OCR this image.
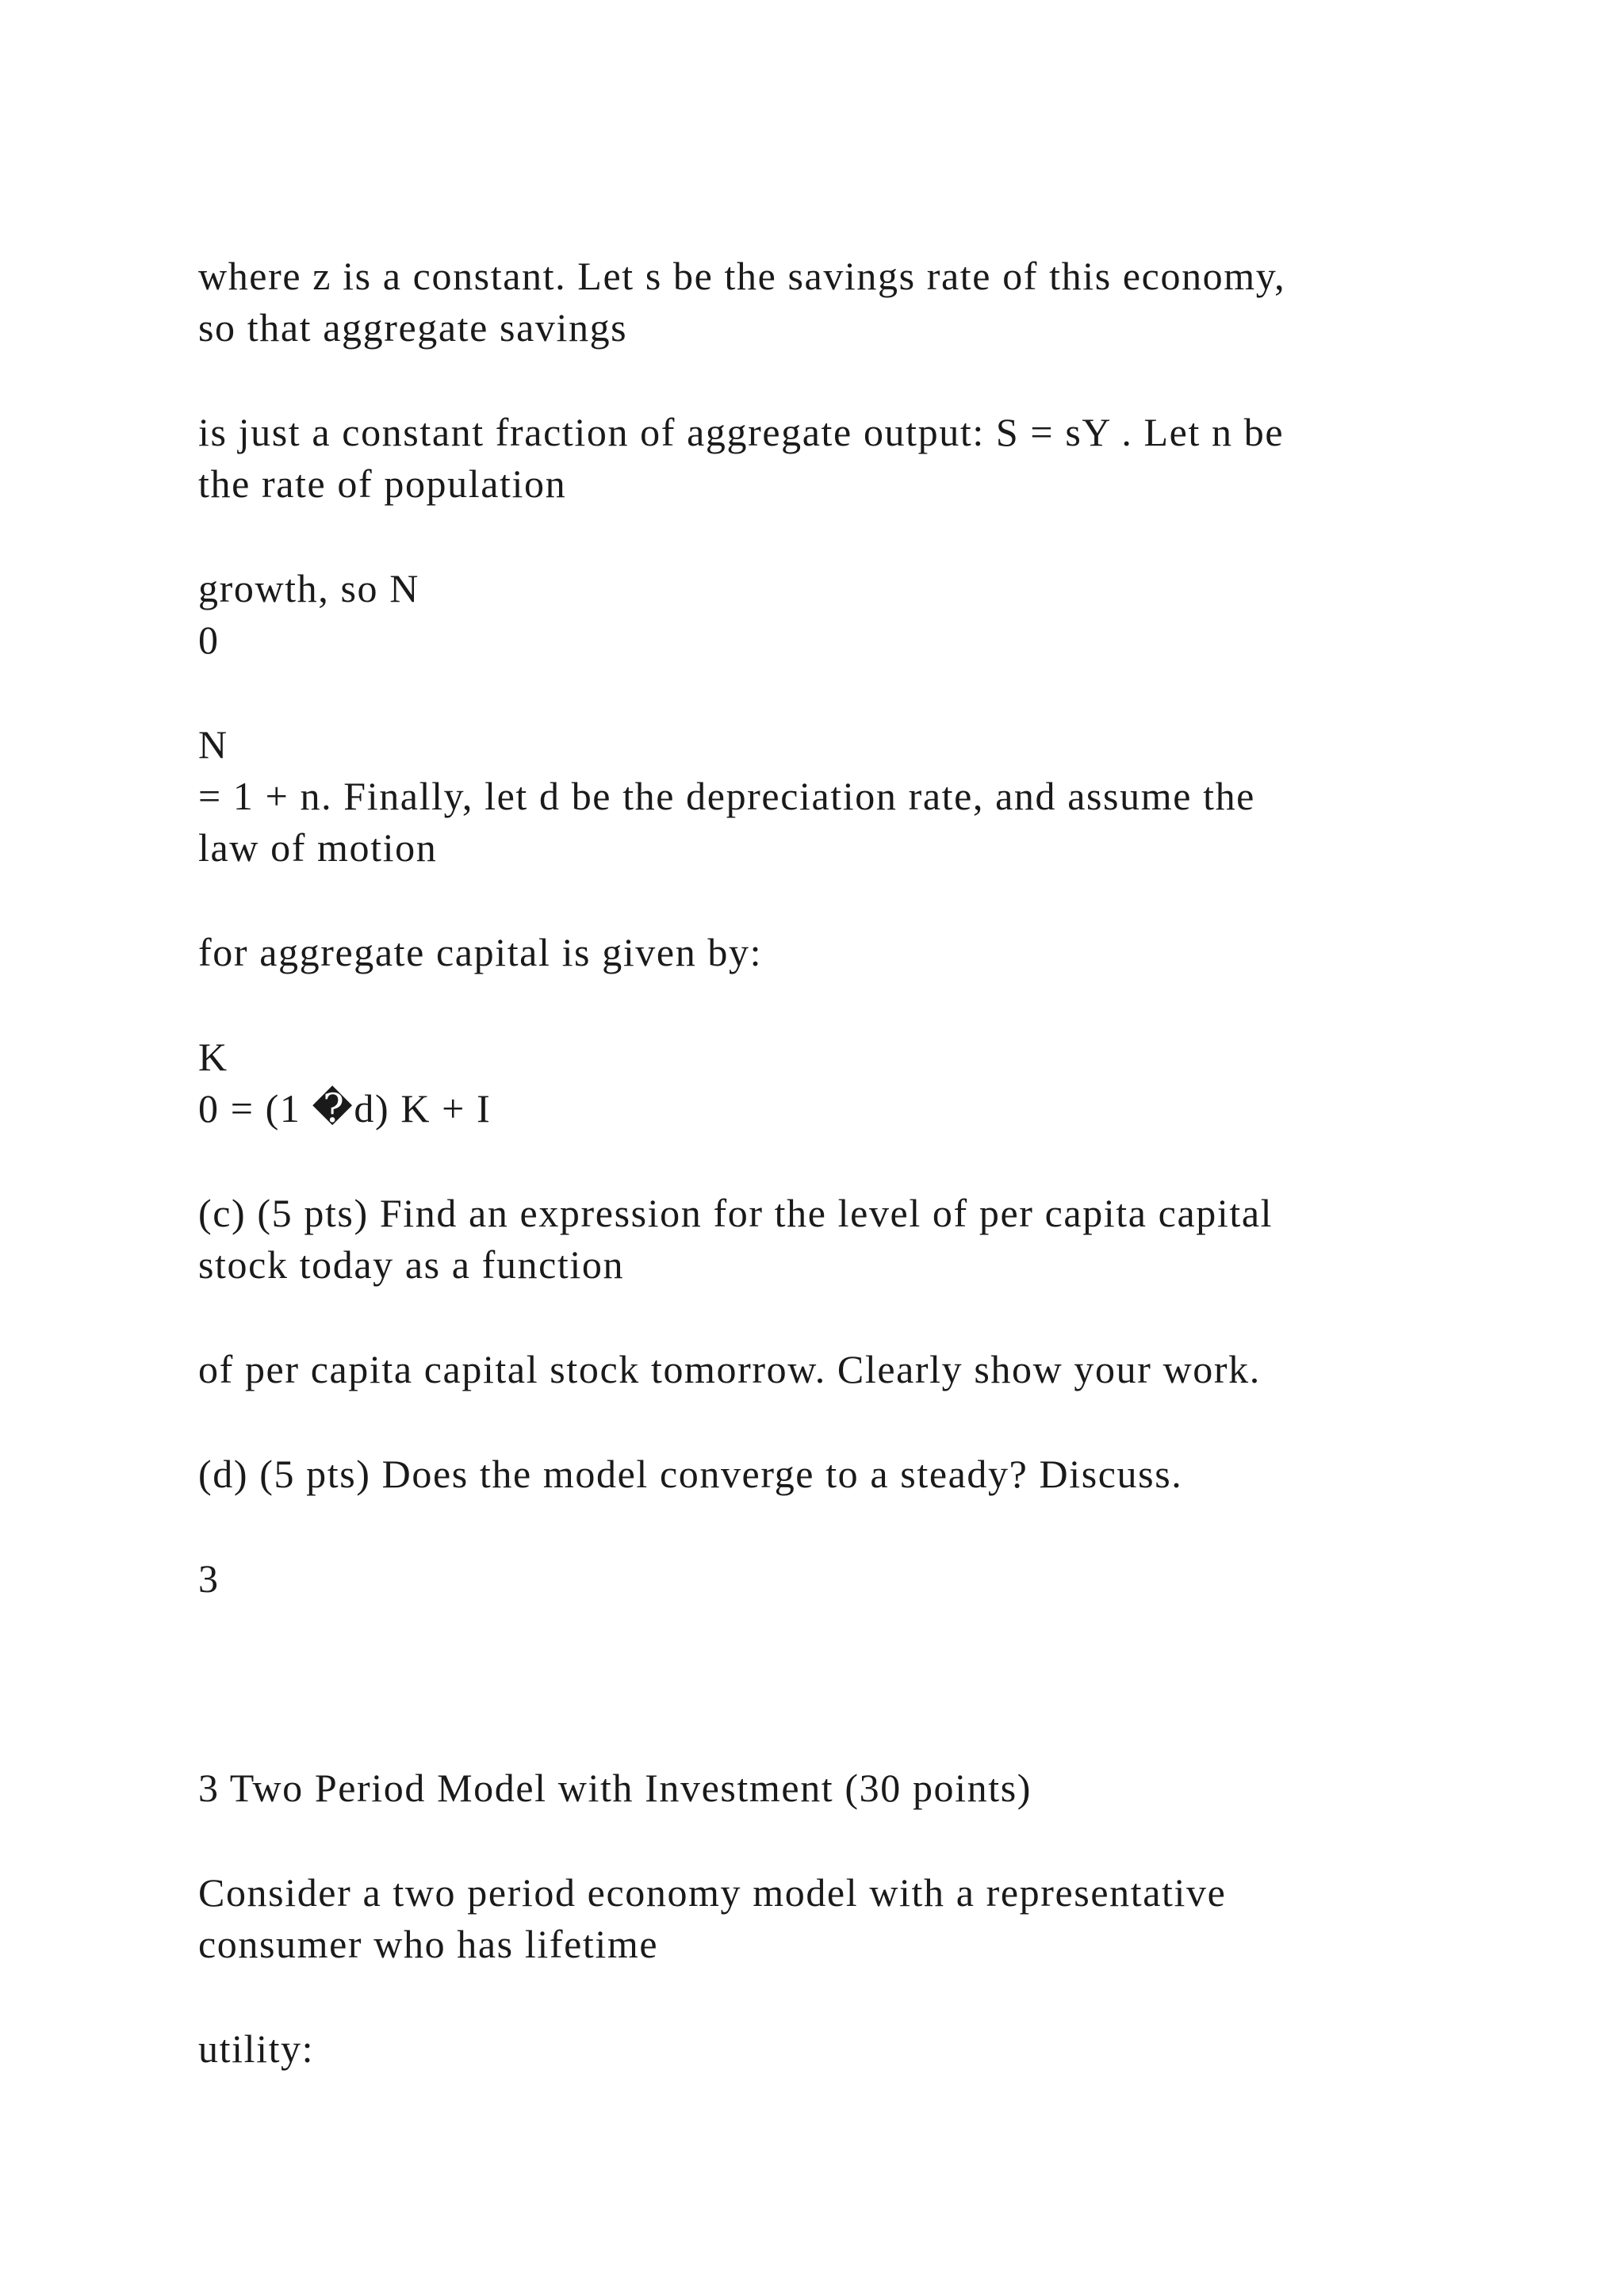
where z is a constant. Let s be the savings rate of this economy,

so that aggregate savings

is just a constant fraction of aggregate output: S = sY . Let n be

the rate of population

growth, so N

0

N

= 1 + n. Finally, let d be the depreciation rate, and assume the

law of motion

for aggregate capital is given by:

K

0 = (1 �d) K + I

(c) (5 pts) Find an expression for the level of per capita capital

stock today as a function

of per capita capital stock tomorrow. Clearly show your work.

(d) (5 pts) Does the model converge to a steady? Discuss.

3

3 Two Period Model with Investment (30 points)

Consider a two period economy model with a representative

consumer who has lifetime

utility:
